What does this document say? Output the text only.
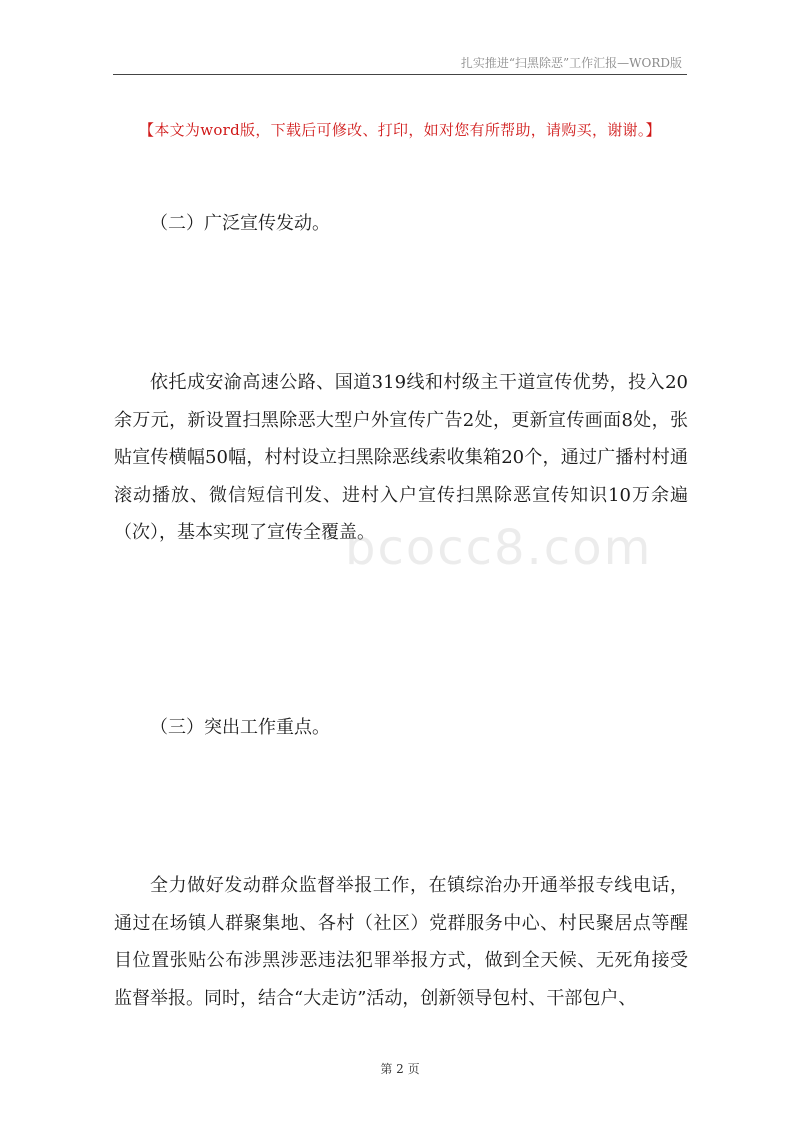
扎实推进“扫黑除恶”工作汇报—WORD版
【本文为word版，下载后可修改、打印，如对您有所帮助，请购买，谢谢。】
（二）广泛宣传发动。

依托成安渝高速公路、国道319线和村级主干道宣传优势，投入20余万元，新设置扫黑除恶大型户外宣传广告2处，更新宣传画面8处，张贴宣传横幅50幅，村村设立扫黑除恶线索收集箱20个，通过广播村村通滚动播放、微信短信刊发、进村入户宣传扫黑除恶宣传知识10万余遍（次），基本实现了宣传全覆盖。

bcocc8.com
（三）突出工作重点。

全力做好发动群众监督举报工作，在镇综治办开通举报专线电话，通过在场镇人群聚集地、各村（社区）党群服务中心、村民聚居点等醒目位置张贴公布涉黑涉恶违法犯罪举报方式，做到全天候、无死角接受监督举报。同时，结合“大走访”活动，创新领导包村、干部包户、

第 2 页
